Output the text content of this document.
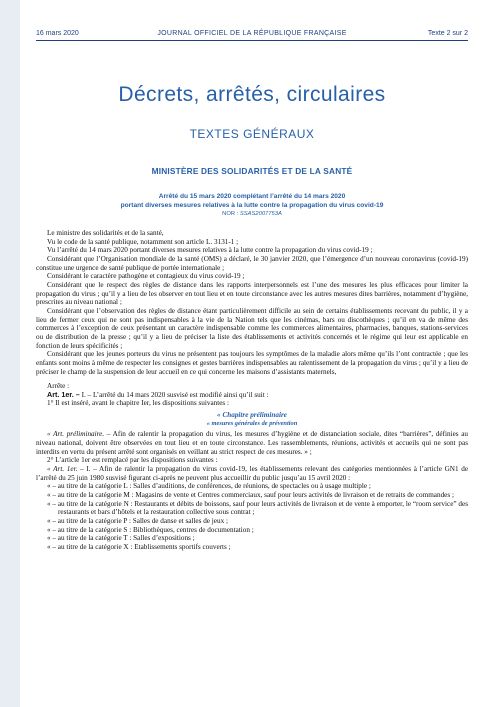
16 mars 2020	JOURNAL OFFICIEL DE LA RÉPUBLIQUE FRANÇAISE	Texte 2 sur 2
Décrets, arrêtés, circulaires
TEXTES GÉNÉRAUX
MINISTÈRE DES SOLIDARITÉS ET DE LA SANTÉ
Arrêté du 15 mars 2020 complétant l’arrêté du 14 mars 2020
portant diverses mesures relatives à la lutte contre la propagation du virus covid-19
NOR : SSAS2007753A

Le ministre des solidarités et de la santé,

Vu le code de la santé publique, notamment son article L. 3131-1 ;

Vu l’arrêté du 14 mars 2020 portant diverses mesures relatives à la lutte contre la propagation du virus covid-19 ;

Considérant que l’Organisation mondiale de la santé (OMS) a déclaré, le 30 janvier 2020, que l’émergence d’un nouveau coronavirus (covid-19) constitue une urgence de santé publique de portée internationale ;

Considérant le caractère pathogène et contagieux du virus covid-19 ;

Considérant que le respect des règles de distance dans les rapports interpersonnels est l’une des mesures les plus efficaces pour limiter la propagation du virus ; qu’il y a lieu de les observer en tout lieu et en toute circonstance avec les autres mesures dites barrières, notamment d’hygiène, prescrites au niveau national ;

Considérant que l’observation des règles de distance étant particulièrement difficile au sein de certains établissements recevant du public, il y a lieu de fermer ceux qui ne sont pas indispensables à la vie de la Nation tels que les cinémas, bars ou discothèques ; qu’il en va de même des commerces à l’exception de ceux présentant un caractère indispensable comme les commerces alimentaires, pharmacies, banques, stations-services ou de distribution de la presse ; qu’il y a lieu de préciser la liste des établissements et activités concernés et le régime qui leur est applicable en fonction de leurs spécificités ;

Considérant que les jeunes porteurs du virus ne présentent pas toujours les symptômes de la maladie alors même qu’ils l’ont contractée ; que les enfants sont moins à même de respecter les consignes et gestes barrières indispensables au ralentissement de la propagation du virus ; qu’il y a lieu de préciser le champ de la suspension de leur accueil en ce qui concerne les maisons d’assistants maternels,

Arrête :

Art. 1er. – I. – L’arrêté du 14 mars 2020 susvisé est modifié ainsi qu’il suit :

1° Il est inséré, avant le chapitre Ier, les dispositions suivantes :

« Chapitre préliminaire

« mesures générales de prévention

« Art. préliminaire. – Afin de ralentir la propagation du virus, les mesures d’hygiène et de distanciation sociale, dites “barrières”, définies au niveau national, doivent être observées en tout lieu et en toute circonstance. Les rassemblements, réunions, activités et accueils qui ne sont pas interdits en vertu du présent arrêté sont organisés en veillant au strict respect de ces mesures. » ;

2° L’article 1er est remplacé par les dispositions suivantes :

« Art. 1er. – I. – Afin de ralentir la propagation du virus covid-19, les établissements relevant des catégories mentionnées à l’article GN1 de l’arrêté du 25 juin 1980 susvisé figurant ci-après ne peuvent plus accueillir du public jusqu’au 15 avril 2020 :

« – au titre de la catégorie L : Salles d’auditions, de conférences, de réunions, de spectacles ou à usage multiple ;
« – au titre de la catégorie M : Magasins de vente et Centres commerciaux, sauf pour leurs activités de livraison et de retraits de commandes ;
« – au titre de la catégorie N : Restaurants et débits de boissons, sauf pour leurs activités de livraison et de vente à emporter, le “room service” des restaurants et bars d’hôtels et la restauration collective sous contrat ;
« – au titre de la catégorie P : Salles de danse et salles de jeux ;
« – au titre de la catégorie S : Bibliothèques, centres de documentation ;
« – au titre de la catégorie T : Salles d’expositions ;
« – au titre de la catégorie X : Etablissements sportifs couverts ;
